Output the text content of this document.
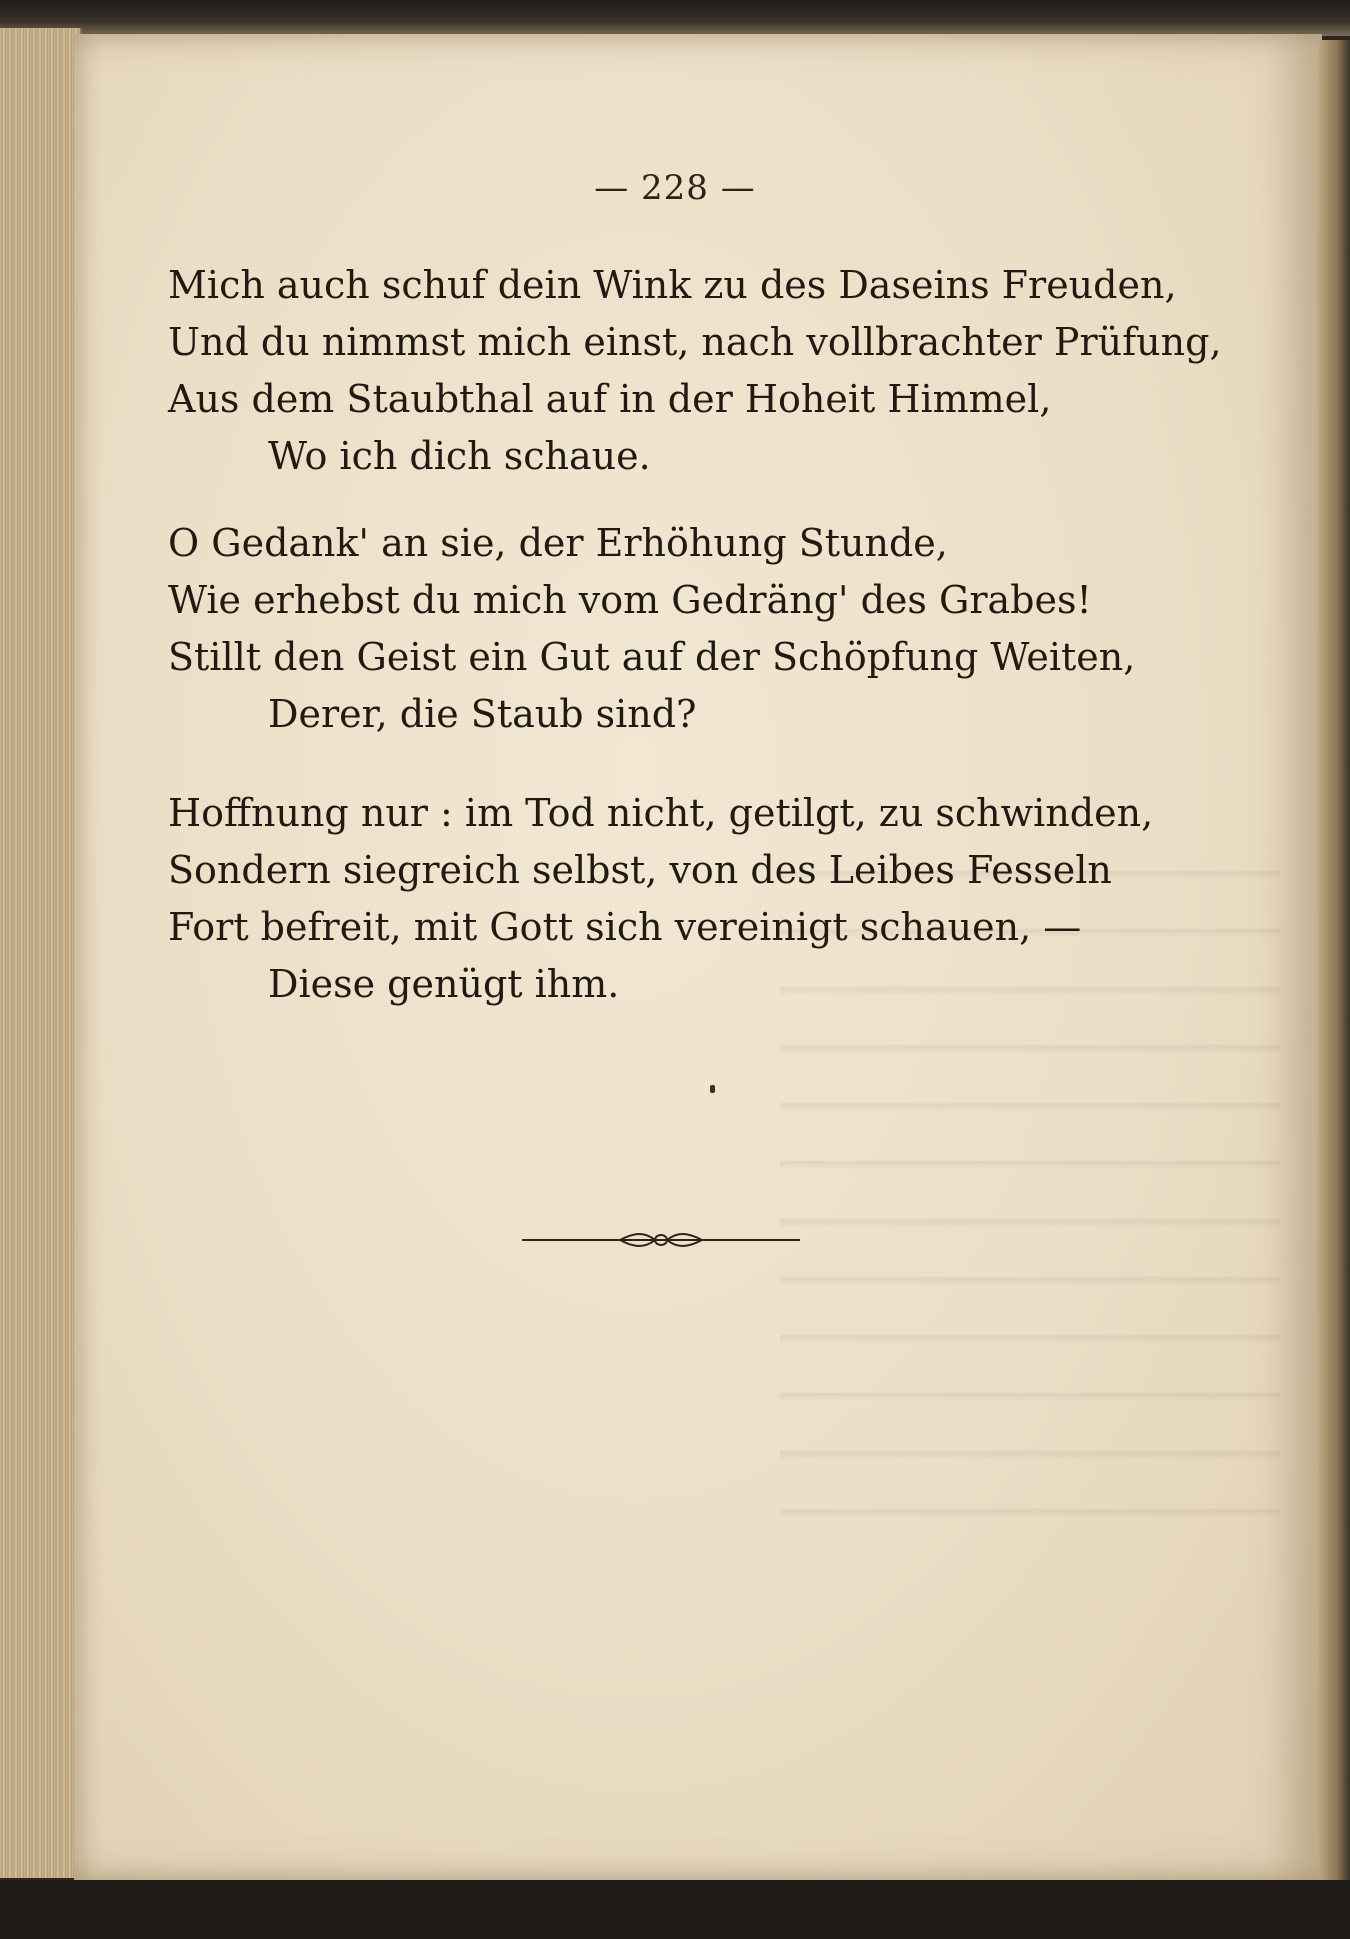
— 228 —
Mich auch schuf dein Wink zu des Daseins Freuden,
Und du nimmst mich einst, nach vollbrachter Prüfung,
Aus dem Staubthal auf in der Hoheit Himmel,
Wo ich dich schaue.
O Gedank' an sie, der Erhöhung Stunde,
Wie erhebst du mich vom Gedräng' des Grabes!
Stillt den Geist ein Gut auf der Schöpfung Weiten,
Derer, die Staub sind?
Hoffnung nur : im Tod nicht, getilgt, zu schwinden,
Sondern siegreich selbst, von des Leibes Fesseln
Fort befreit, mit Gott sich vereinigt schauen, —
Diese genügt ihm.
